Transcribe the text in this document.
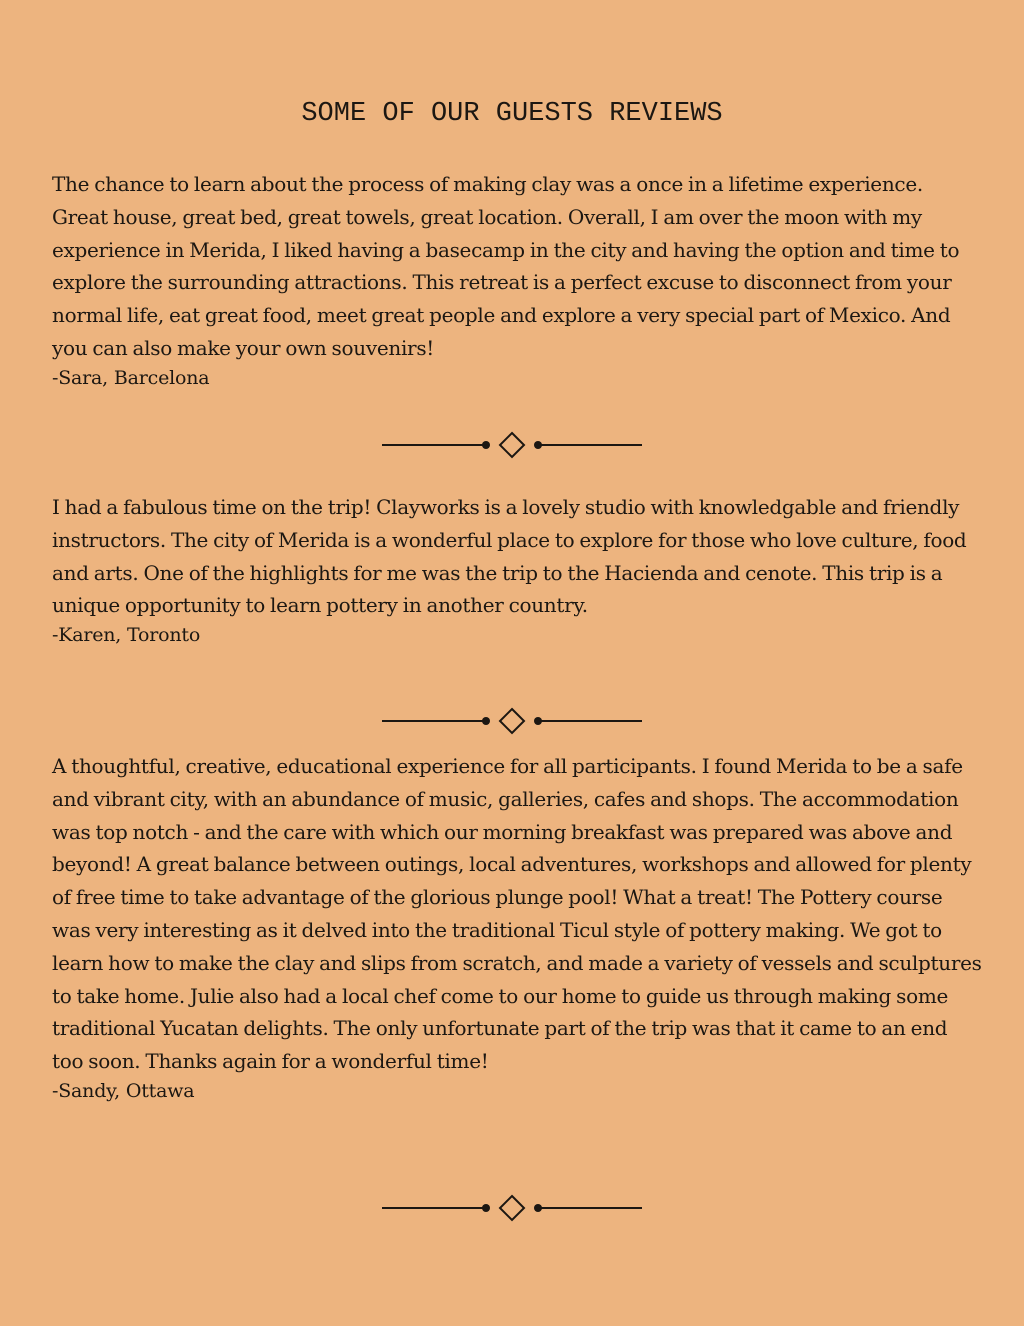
SOME OF OUR GUESTS REVIEWS

The chance to learn about the process of making clay was a once in a lifetime experience. Great house, great bed, great towels, great location. Overall, I am over the moon with my experience in Merida, I liked having a basecamp in the city and having the option and time to explore the surrounding attractions. This retreat is a perfect excuse to disconnect from your normal life, eat great food, meet great people and explore a very special part of Mexico. And you can also make your own souvenirs!

-Sara, Barcelona

I had a fabulous time on the trip! Clayworks is a lovely studio with knowledgable and friendly instructors. The city of Merida is a wonderful place to explore for those who love culture, food and arts. One of the highlights for me was the trip to the Hacienda and cenote. This trip is a unique opportunity to learn pottery in another country.

-Karen, Toronto

A thoughtful, creative, educational experience for all participants. I found Merida to be a safe and vibrant city, with an abundance of music, galleries, cafes and shops. The accommodation was top notch - and the care with which our morning breakfast was prepared was above and beyond! A great balance between outings, local adventures, workshops and allowed for plenty of free time to take advantage of the glorious plunge pool! What a treat! The Pottery course was very interesting as it delved into the traditional Ticul style of pottery making. We got to learn how to make the clay and slips from scratch, and made a variety of vessels and sculptures to take home. Julie also had a local chef come to our home to guide us through making some traditional Yucatan delights. The only unfortunate part of the trip was that it came to an end too soon. Thanks again for a wonderful time!

-Sandy, Ottawa
